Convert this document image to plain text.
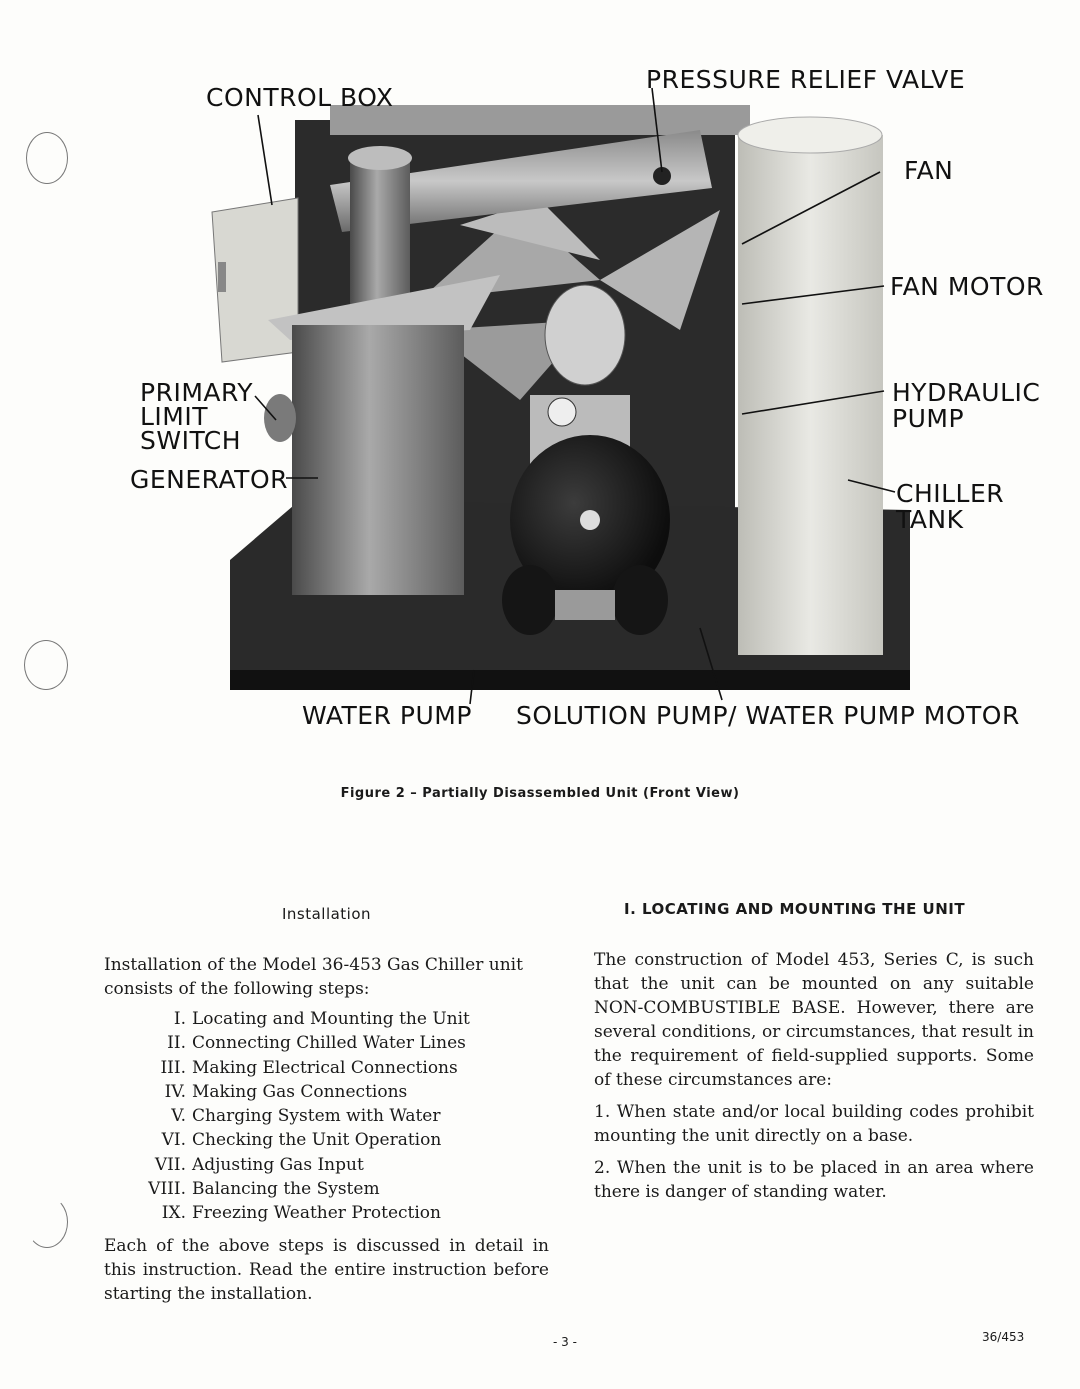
CONTROL BOX
PRESSURE RELIEF VALVE
FAN
FAN MOTOR
HYDRAULIC
PUMP
PRIMARY
LIMIT
SWITCH
GENERATOR	CHILLER
TANK
WATER PUMP SOLUTION PUMP/ WATER PUMP MOTOR
Figure 2 – Partially Disassembled Unit (Front View)

Installation

Installation of the Model 36-453 Gas Chiller unit consists of the following steps:

I. Locating and Mounting the Unit
II. Connecting Chilled Water Lines
III. Making Electrical Connections
IV. Making Gas Connections
V. Charging System with Water
VI. Checking the Unit Operation
VII. Adjusting Gas Input
VIII. Balancing the System
IX. Freezing Weather Protection

Each of the above steps is discussed in detail in this instruction. Read the entire instruction before starting the installation.

I. LOCATING AND MOUNTING THE UNIT

The construction of Model 453, Series C, is such that the unit can be mounted on any suitable NON-COMBUSTIBLE BASE. However, there are several conditions, or circumstances, that result in the requirement of field-supplied supports. Some of these circumstances are:

1. When state and/or local building codes prohibit mounting the unit directly on a base.

2. When the unit is to be placed in an area where there is danger of standing water.

- 3 -	36/453
